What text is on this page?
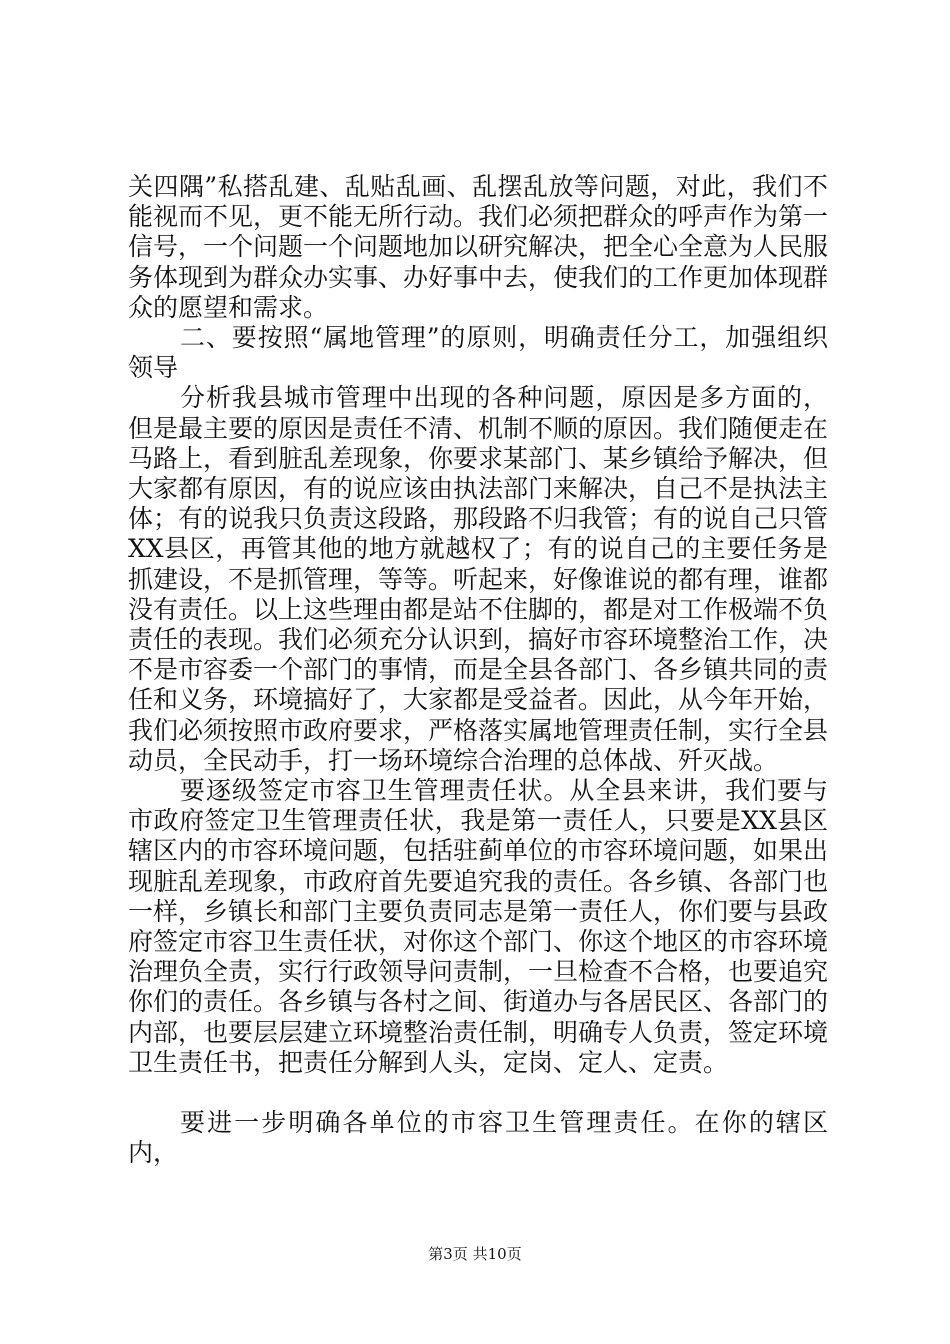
关四隅”私搭乱建、乱贴乱画、乱摆乱放等问题，对此，我们不能视而不见，更不能无所行动。我们必须把群众的呼声作为第一信号，一个问题一个问题地加以研究解决，把全心全意为人民服务体现到为群众办实事、办好事中去，使我们的工作更加体现群众的愿望和需求。

二、要按照“属地管理”的原则，明确责任分工，加强组织领导

分析我县城市管理中出现的各种问题，原因是多方面的，但是最主要的原因是责任不清、机制不顺的原因。我们随便走在马路上，看到脏乱差现象，你要求某部门、某乡镇给予解决，但大家都有原因，有的说应该由执法部门来解决，自己不是执法主体；有的说我只负责这段路，那段路不归我管；有的说自己只管XX县区，再管其他的地方就越权了；有的说自己的主要任务是抓建设，不是抓管理，等等。听起来，好像谁说的都有理，谁都没有责任。以上这些理由都是站不住脚的，都是对工作极端不负责任的表现。我们必须充分认识到，搞好市容环境整治工作，决不是市容委一个部门的事情，而是全县各部门、各乡镇共同的责任和义务，环境搞好了，大家都是受益者。因此，从今年开始，我们必须按照市政府要求，严格落实属地管理责任制，实行全县动员，全民动手，打一场环境综合治理的总体战、歼灭战。

要逐级签定市容卫生管理责任状。从全县来讲，我们要与市政府签定卫生管理责任状，我是第一责任人，只要是XX县区辖区内的市容环境问题，包括驻蓟单位的市容环境问题，如果出现脏乱差现象，市政府首先要追究我的责任。各乡镇、各部门也一样，乡镇长和部门主要负责同志是第一责任人，你们要与县政府签定市容卫生责任状，对你这个部门、你这个地区的市容环境治理负全责，实行行政领导问责制，一旦检查不合格，也要追究你们的责任。各乡镇与各村之间、街道办与各居民区、各部门的内部，也要层层建立环境整治责任制，明确专人负责，签定环境卫生责任书，把责任分解到人头，定岗、定人、定责。

要进一步明确各单位的市容卫生管理责任。在你的辖区内，

第3页 共10页
